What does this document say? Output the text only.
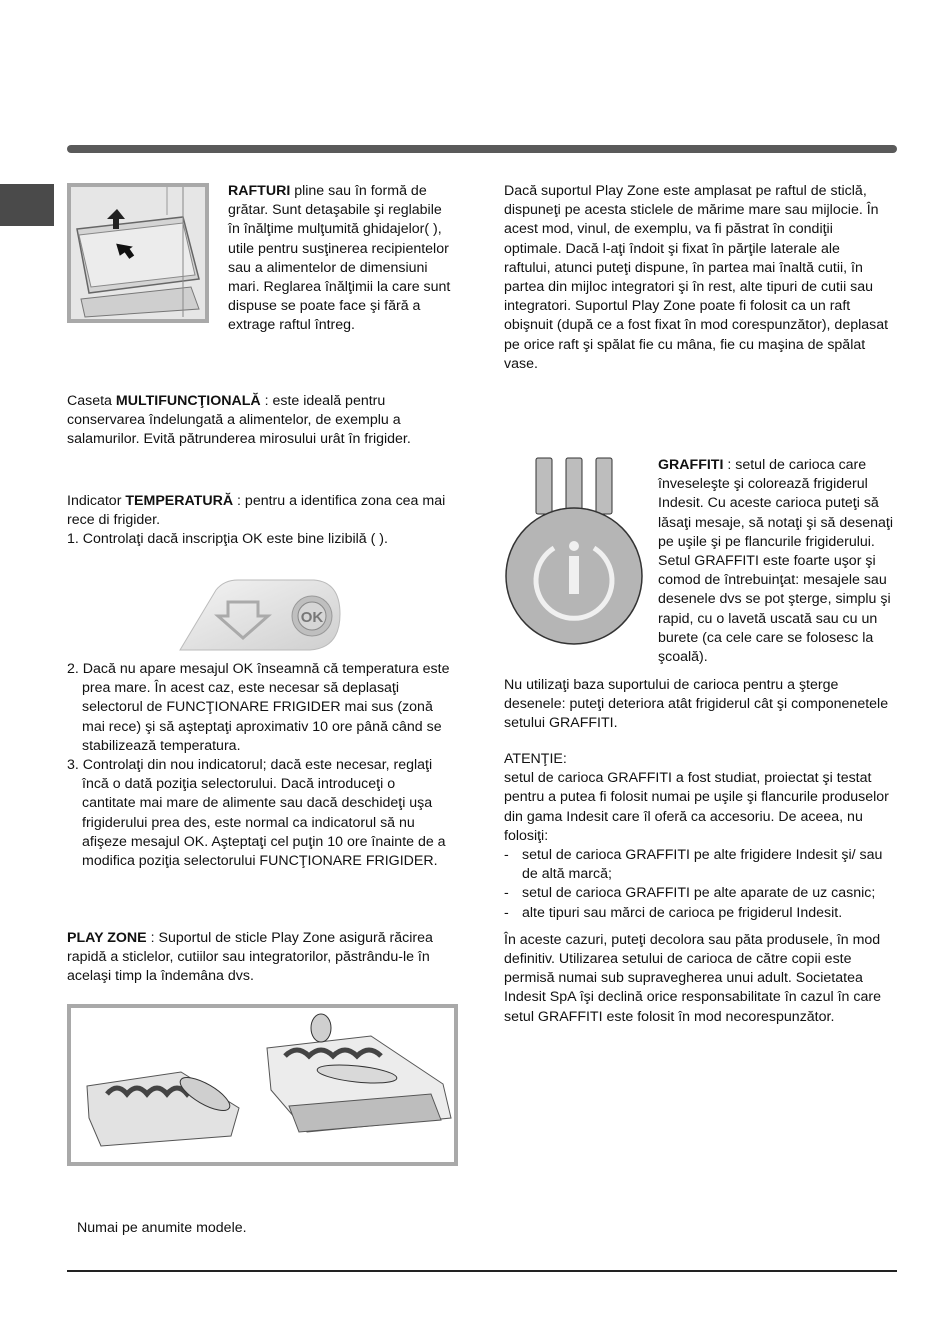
RAFTURI pline sau în formă de grătar. Sunt detaşabile şi reglabile în înălţime mulţumită ghidajelor( ), utile pentru susţinerea recipientelor sau a alimentelor de dimensiuni mari. Reglarea înălţimii la care sunt dispuse se poate face şi fără a extrage raftul întreg.

Caseta MULTIFUNCŢIONALĂ : este ideală pentru conservarea îndelungată a alimentelor, de exemplu a salamurilor. Evită pătrunderea mirosului urât în frigider.

Indicator TEMPERATURĂ : pentru a identifica zona cea mai rece di frigider.

1. Controlaţi dacă inscripţia OK este bine lizibilă ( ).

OK
2. Dacă nu apare mesajul OK înseamnă că temperatura este prea mare. În acest caz, este necesar să deplasaţi selectorul de FUNCŢIONARE FRIGIDER mai sus (zonă mai rece) şi să aşteptaţi aproximativ 10 ore până când se stabilizează temperatura.
3. Controlaţi din nou indicatorul; dacă este necesar, reglaţi încă o dată poziţia selectorului. Dacă introduceţi o cantitate mai mare de alimente sau dacă deschideţi uşa frigiderului prea des, este normal ca indicatorul să nu afişeze mesajul OK. Aşteptaţi cel puţin 10 ore înainte de a modifica poziţia selectorului FUNCŢIONARE FRIGIDER.

PLAY ZONE : Suportul de sticle Play Zone asigură răcirea rapidă a sticlelor, cutiilor sau integratorilor, păstrându-le în acelaşi timp la îndemâna dvs.

Numai pe anumite modele.

Dacă suportul Play Zone este amplasat pe raftul de sticlă, dispuneţi pe acesta sticlele de mărime mare sau mijlocie. În acest mod, vinul, de exemplu, va fi păstrat în condiţii optimale. Dacă l-aţi îndoit şi fixat în părţile laterale ale raftului, atunci puteţi dispune, în partea mai înaltă cutii, în partea din mijloc integratori şi în rest, alte tipuri de cutii sau integratori. Suportul Play Zone poate fi folosit ca un raft obişnuit (după ce a fost fixat în mod corespunzător), deplasat pe orice raft şi spălat fie cu mâna, fie cu maşina de spălat vase.

GRAFFITI : setul de carioca care înveseleşte şi colorează frigiderul Indesit. Cu aceste carioca puteţi să lăsaţi mesaje, să notaţi şi să desenaţi pe uşile şi pe flancurile frigiderului. Setul GRAFFITI este foarte uşor şi comod de întrebuinţat: mesajele sau desenele dvs se pot şterge, simplu şi rapid, cu o lavetă uscată sau cu un burete (ca cele care se folosesc la şcoală).

Nu utilizaţi baza suportului de carioca pentru a şterge desenele: puteţi deteriora atât frigiderul cât şi componenetele setului GRAFFITI.

ATENŢIE:

setul de carioca GRAFFITI a fost studiat, proiectat şi testat pentru a putea fi folosit numai pe uşile şi flancurile produselor din gama Indesit care îl oferă ca accesoriu. De aceea, nu folosiţi:

- setul de carioca GRAFFITI pe alte frigidere Indesit şi/ sau de altă marcă;
- setul de carioca GRAFFITI pe alte aparate de uz casnic;
- alte tipuri sau mărci de carioca pe frigiderul Indesit.

În aceste cazuri, puteţi decolora sau păta produsele, în mod definitiv. Utilizarea setului de carioca de către copii este permisă numai sub supravegherea unui adult. Societatea Indesit SpA îşi declină orice responsabilitate în cazul în care setul GRAFFITI este folosit în mod necorespunzător.
